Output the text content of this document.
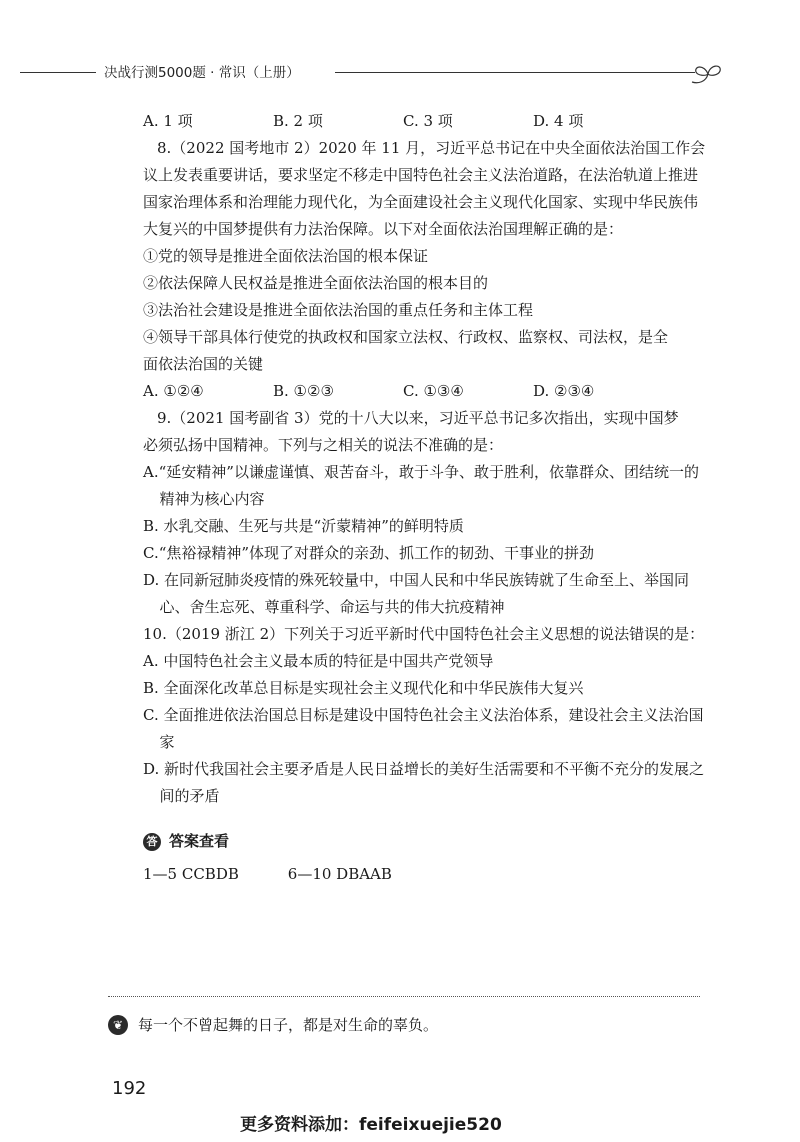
决战行测5000题 · 常识（上册）
A. 1 项	B. 2 项	C. 3 项	D. 4 项
8.（2022 国考地市 2）2020 年 11 月，习近平总书记在中央全面依法治国工作会
议上发表重要讲话，要求坚定不移走中国特色社会主义法治道路，在法治轨道上推进
国家治理体系和治理能力现代化，为全面建设社会主义现代化国家、实现中华民族伟
大复兴的中国梦提供有力法治保障。以下对全面依法治国理解正确的是：
①党的领导是推进全面依法治国的根本保证
②依法保障人民权益是推进全面依法治国的根本目的
③法治社会建设是推进全面依法治国的重点任务和主体工程
④领导干部具体行使党的执政权和国家立法权、行政权、监察权、司法权，是全
面依法治国的关键
A. ①②④	B. ①②③	C. ①③④	D. ②③④
9.（2021 国考副省 3）党的十八大以来，习近平总书记多次指出，实现中国梦
必须弘扬中国精神。下列与之相关的说法不准确的是：
A.“延安精神”以谦虚谨慎、艰苦奋斗，敢于斗争、敢于胜利，依靠群众、团结统一的精神为核心内容
B. 水乳交融、生死与共是“沂蒙精神”的鲜明特质
C.“焦裕禄精神”体现了对群众的亲劲、抓工作的韧劲、干事业的拼劲
D. 在同新冠肺炎疫情的殊死较量中，中国人民和中华民族铸就了生命至上、举国同心、舍生忘死、尊重科学、命运与共的伟大抗疫精神
10.（2019 浙江 2）下列关于习近平新时代中国特色社会主义思想的说法错误的是：
A. 中国特色社会主义最本质的特征是中国共产党领导
B. 全面深化改革总目标是实现社会主义现代化和中华民族伟大复兴
C. 全面推进依法治国总目标是建设中国特色社会主义法治体系，建设社会主义法治国家
D. 新时代我国社会主要矛盾是人民日益增长的美好生活需要和不平衡不充分的发展之间的矛盾
答 答案查看
1—5 CCBDB	6—10 DBAAB
❦ 每一个不曾起舞的日子，都是对生命的辜负。
192
更多资料添加：feifeixuejie520
